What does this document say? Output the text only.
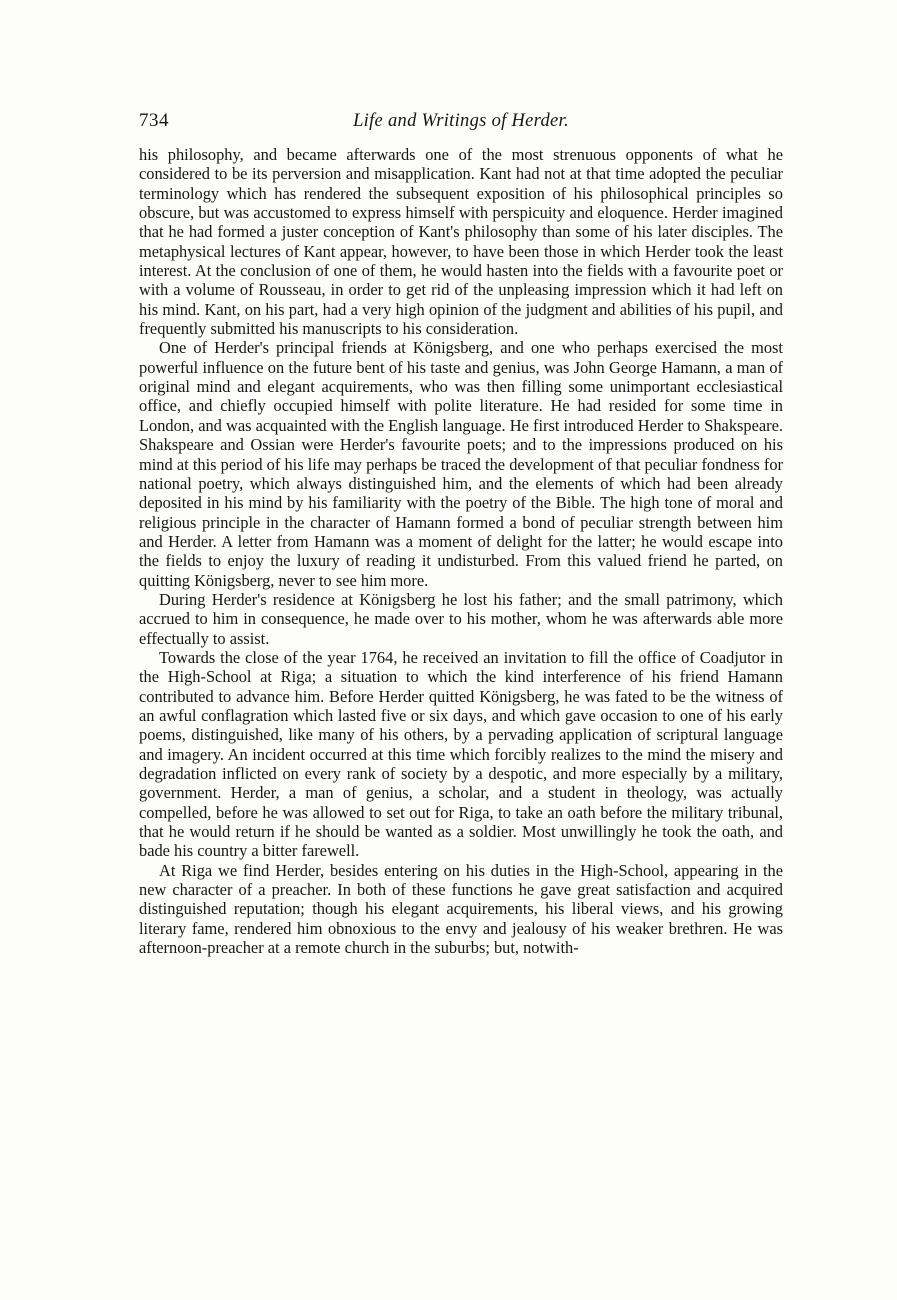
734	Life and Writings of Herder.

his philosophy, and became afterwards one of the most strenuous opponents of what he considered to be its perversion and misapplication. Kant had not at that time adopted the peculiar terminology which has rendered the subsequent exposition of his philosophical principles so obscure, but was accustomed to express himself with perspicuity and eloquence. Herder imagined that he had formed a juster conception of Kant's philosophy than some of his later disciples. The metaphysical lectures of Kant appear, however, to have been those in which Herder took the least interest. At the conclusion of one of them, he would hasten into the fields with a favourite poet or with a volume of Rousseau, in order to get rid of the unpleasing impression which it had left on his mind. Kant, on his part, had a very high opinion of the judgment and abilities of his pupil, and frequently submitted his manuscripts to his consideration.

One of Herder's principal friends at Königsberg, and one who perhaps exercised the most powerful influence on the future bent of his taste and genius, was John George Hamann, a man of original mind and elegant acquirements, who was then filling some unimportant ecclesiastical office, and chiefly occupied himself with polite literature. He had resided for some time in London, and was acquainted with the English language. He first introduced Herder to Shakspeare. Shakspeare and Ossian were Herder's favourite poets; and to the impressions produced on his mind at this period of his life may perhaps be traced the development of that peculiar fondness for national poetry, which always distinguished him, and the elements of which had been already deposited in his mind by his familiarity with the poetry of the Bible. The high tone of moral and religious principle in the character of Hamann formed a bond of peculiar strength between him and Herder. A letter from Hamann was a moment of delight for the latter; he would escape into the fields to enjoy the luxury of reading it undisturbed. From this valued friend he parted, on quitting Königsberg, never to see him more.

During Herder's residence at Königsberg he lost his father; and the small patrimony, which accrued to him in consequence, he made over to his mother, whom he was afterwards able more effectually to assist.

Towards the close of the year 1764, he received an invitation to fill the office of Coadjutor in the High-School at Riga; a situation to which the kind interference of his friend Hamann contributed to advance him. Before Herder quitted Königsberg, he was fated to be the witness of an awful conflagration which lasted five or six days, and which gave occasion to one of his early poems, distinguished, like many of his others, by a pervading application of scriptural language and imagery. An incident occurred at this time which forcibly realizes to the mind the misery and degradation inflicted on every rank of society by a despotic, and more especially by a military, government. Herder, a man of genius, a scholar, and a student in theology, was actually compelled, before he was allowed to set out for Riga, to take an oath before the military tribunal, that he would return if he should be wanted as a soldier. Most unwillingly he took the oath, and bade his country a bitter farewell.

At Riga we find Herder, besides entering on his duties in the High-School, appearing in the new character of a preacher. In both of these functions he gave great satisfaction and acquired distinguished reputation; though his elegant acquirements, his liberal views, and his growing literary fame, rendered him obnoxious to the envy and jealousy of his weaker brethren. He was afternoon-preacher at a remote church in the suburbs; but, notwith-
